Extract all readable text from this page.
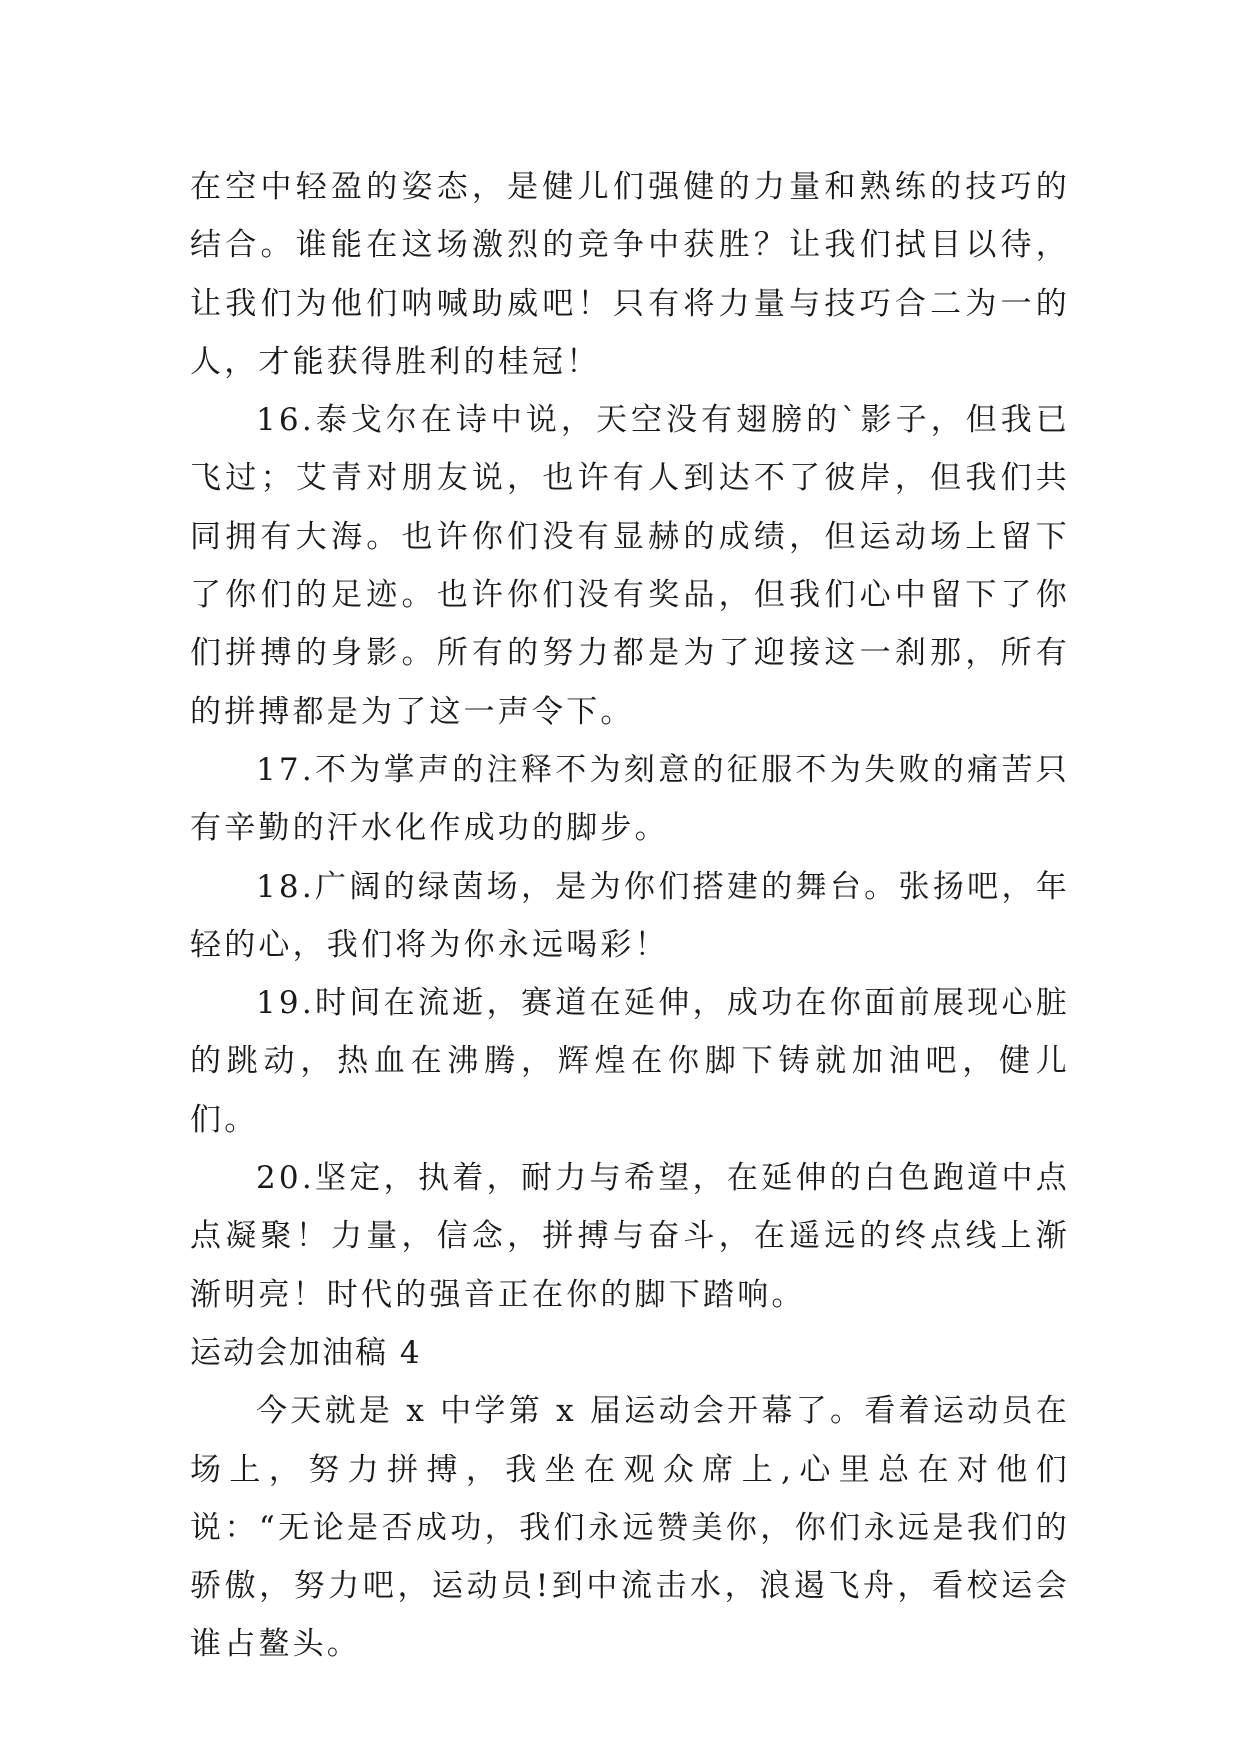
在空中轻盈的姿态，是健儿们强健的力量和熟练的技巧的结合。谁能在这场激烈的竞争中获胜？让我们拭目以待，让我们为他们呐喊助威吧！只有将力量与技巧合二为一的人，才能获得胜利的桂冠！

16.泰戈尔在诗中说，天空没有翅膀的`影子，但我已飞过；艾青对朋友说，也许有人到达不了彼岸，但我们共同拥有大海。也许你们没有显赫的成绩，但运动场上留下了你们的足迹。也许你们没有奖品，但我们心中留下了你们拼搏的身影。所有的努力都是为了迎接这一刹那，所有的拼搏都是为了这一声令下。

17.不为掌声的注释不为刻意的征服不为失败的痛苦只有辛勤的汗水化作成功的脚步。

18.广阔的绿茵场，是为你们搭建的舞台。张扬吧，年轻的心，我们将为你永远喝彩！

19.时间在流逝，赛道在延伸，成功在你面前展现心脏的跳动，热血在沸腾，辉煌在你脚下铸就加油吧，健儿们。

20.坚定，执着，耐力与希望，在延伸的白色跑道中点点凝聚！力量，信念，拼搏与奋斗，在遥远的终点线上渐渐明亮！时代的强音正在你的脚下踏响。

运动会加油稿 4

今天就是 x 中学第 x 届运动会开幕了。看着运动员在场上，努力拼搏，我坐在观众席上,心里总在对他们说：“无论是否成功，我们永远赞美你，你们永远是我们的骄傲，努力吧，运动员!到中流击水，浪遏飞舟，看校运会谁占鳌头。
